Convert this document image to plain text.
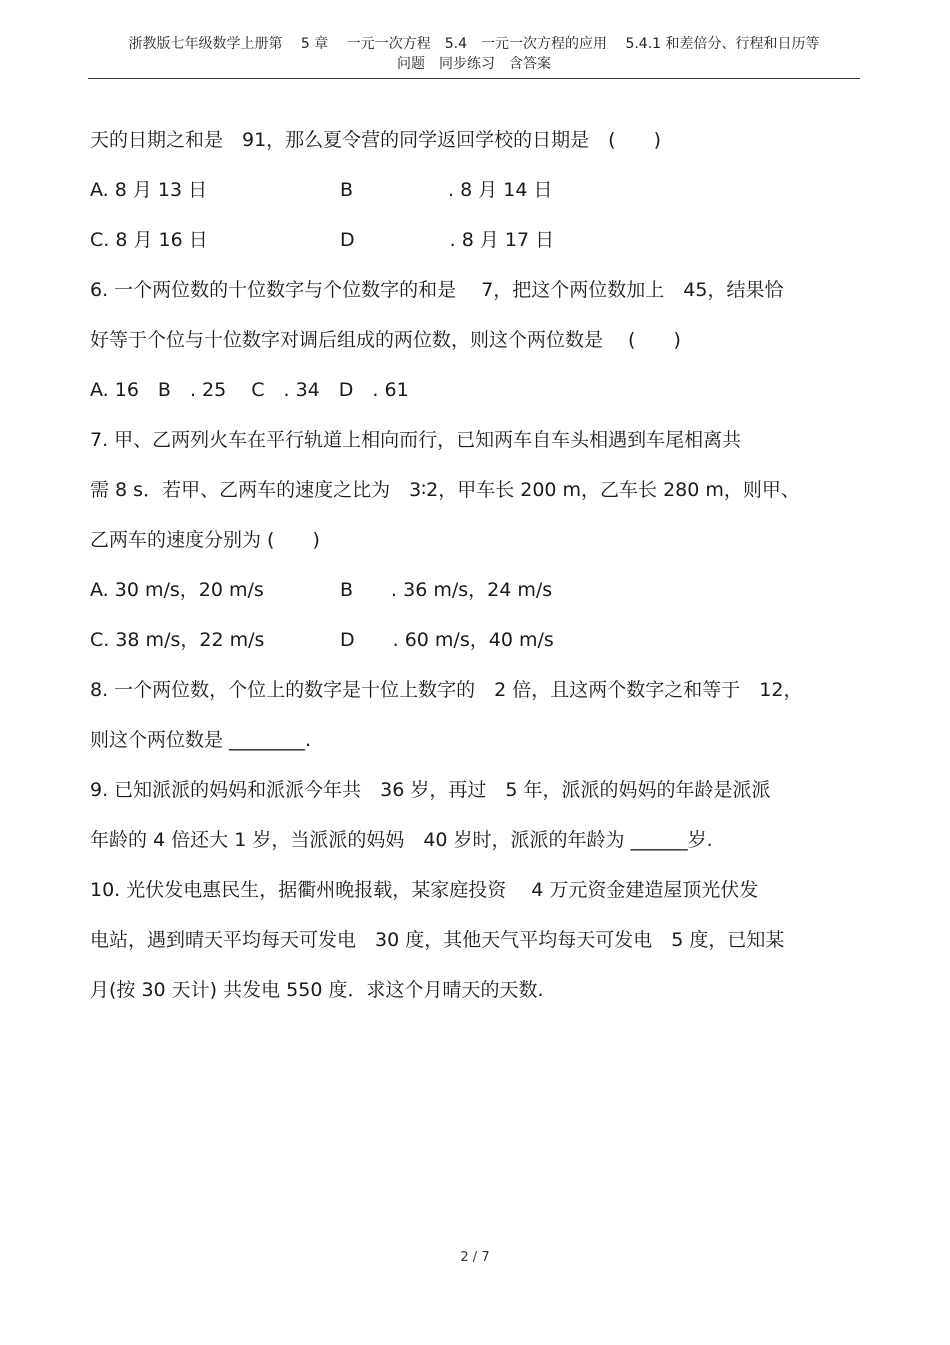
浙教版七年级数学上册第　 5 章　 一元一次方程　5.4　一元一次方程的应用　 5.4.1 和差倍分、行程和日历等
问题　同步练习　含答案
天的日期之和是　91，那么夏令营的同学返回学校的日期是　(　　)
A. 8 月 13 日	B　　　　　. 8 月 14 日
C. 8 月 16 日	D　　　　　. 8 月 17 日
6. 一个两位数的十位数字与个位数字的和是　 7，把这个两位数加上　45，结果恰
好等于个位与十位数字对调后组成的两位数，则这个两位数是　 (　　)
A. 16　B　. 25　 C　. 34　D　. 61
7. 甲、乙两列火车在平行轨道上相向而行，已知两车自车头相遇到车尾相离共
需 8 s．若甲、乙两车的速度之比为　3∶2，甲车长 200 m，乙车长 280 m，则甲、
乙两车的速度分别为 (　　)
A. 30 m/s，20 m/s	B　　. 36 m/s，24 m/s
C. 38 m/s，22 m/s	D　　. 60 m/s，40 m/s
8. 一个两位数，个位上的数字是十位上数字的　2 倍，且这两个数字之和等于　12，
则这个两位数是 ________.
9. 已知派派的妈妈和派派今年共　36 岁，再过　5 年，派派的妈妈的年龄是派派
年龄的 4 倍还大 1 岁，当派派的妈妈　40 岁时，派派的年龄为 ______岁.
10. 光伏发电惠民生，据衢州晚报载，某家庭投资　 4 万元资金建造屋顶光伏发
电站，遇到晴天平均每天可发电　30 度，其他天气平均每天可发电　5 度，已知某
月(按 30 天计) 共发电 550 度．求这个月晴天的天数.
2 / 7
